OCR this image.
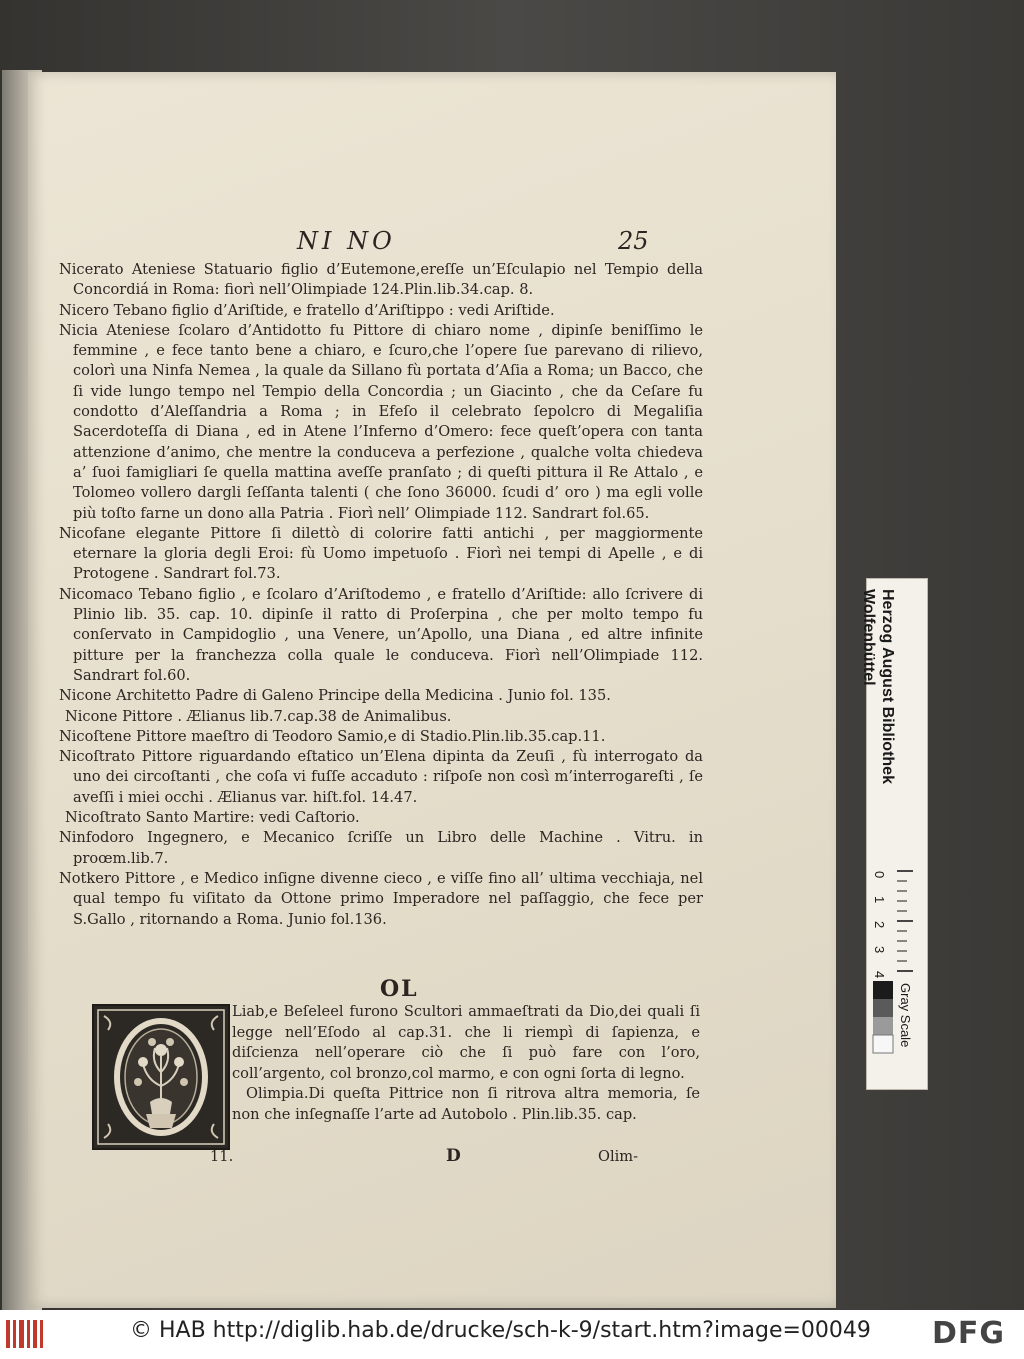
NI NO	25

Nicerato Ateniese Statuario figlio d’Eutemone,ereſſe un’Eſculapio nel Tempio della Concordiá in Roma: fiorì nell’Olimpiade 124.Plin.lib.34.cap. 8.

Nicero Tebano figlio d’Ariſtide, e fratello d’Ariſtippo : vedi Ariſtide.

Nicia Ateniese ſcolaro d’Antidotto fu Pittore di chiaro nome , dipinſe beniſſimo le femmine , e fece tanto bene a chiaro, e ſcuro,che l’opere ſue parevano di rilievo, colorì una Ninfa Nemea , la quale da Sillano fù portata d’Aſia a Roma; un Bacco, che ſi vide lungo tempo nel Tempio della Concordia ; un Giacinto , che da Ceſare fu condotto d’Aleſſandria a Roma ; in Efeſo il celebrato ſepolcro di Megaliſia Sacerdoteſſa di Diana , ed in Atene l’Inferno d’Omero: fece queſt’opera con tanta attenzione d’animo, che mentre la conduceva a perfezione , qualche volta chiedeva a’ ſuoi famigliari ſe quella mattina aveſſe pranſato ; di queſti pittura il Re Attalo , e Tolomeo vollero dargli ſeſſanta talenti ( che ſono 36000. ſcudi d’ oro ) ma egli volle più toſto farne un dono alla Patria . Fiorì nell’ Olimpiade 112. Sandrart fol.65.

Nicofane elegante Pittore ſi dilettò di colorire fatti antichi , per maggiormente eternare la gloria degli Eroi: fù Uomo impetuoſo . Fiorì nei tempi di Apelle , e di Protogene . Sandrart fol.73.

Nicomaco Tebano figlio , e ſcolaro d’Ariſtodemo , e fratello d’Ariſtide: allo ſcrivere di Plinio lib. 35. cap. 10. dipinſe il ratto di Proſerpina , che per molto tempo fu conſervato in Campidoglio , una Venere, un’Apollo, una Diana , ed altre infinite pitture per la franchezza colla quale le conduceva. Fiorì nell’Olimpiade 112. Sandrart fol.60.

Nicone Architetto Padre di Galeno Principe della Medicina . Junio fol. 135.

Nicone Pittore . Ælianus lib.7.cap.38 de Animalibus.

Nicoſtene Pittore maeſtro di Teodoro Samio,e di Stadio.Plin.lib.35.cap.11.

Nicoſtrato Pittore riguardando eſtatico un’Elena dipinta da Zeuſi , fù interrogato da uno dei circoſtanti , che coſa vi fuſſe accaduto : riſpoſe non così m’interrogareſti , ſe aveſſi i miei occhi . Ælianus var. hiſt.fol. 14.47.

Nicoſtrato Santo Martire: vedi Caſtorio.

Ninfodoro Ingegnero, e Mecanico ſcriſſe un Libro delle Machine . Vitru. in proœm.lib.7.

Notkero Pittore , e Medico inſigne divenne cieco , e viſſe fino all’ ultima vecchiaja, nel qual tempo fu viſitato da Ottone primo Imperadore nel paſſaggio, che fece per S.Gallo , ritornando a Roma. Junio fol.136.

OL

Liab,e Beſeleel furono Scultori ammaeſtrati da Dio,dei quali ſi legge nell’Eſodo al cap.31. che li riempì di ſapienza, e diſcienza nell’operare ciò che ſi può fare con l’oro, coll’argento, col bronzo,col marmo, e con ogni ſorta di legno.

Olimpia.Di queſta Pittrice non ſi ritrova altra memoria, ſe non che inſegnaſſe l’arte ad Autobolo . Plin.lib.35. cap.

11.	D	Olim-
Herzog August Bibliothek
Wolfenbüttel
0
1
2
3
4
Gray Scale
© HAB http://diglib.hab.de/drucke/sch-k-9/start.htm?image=00049 DFG
